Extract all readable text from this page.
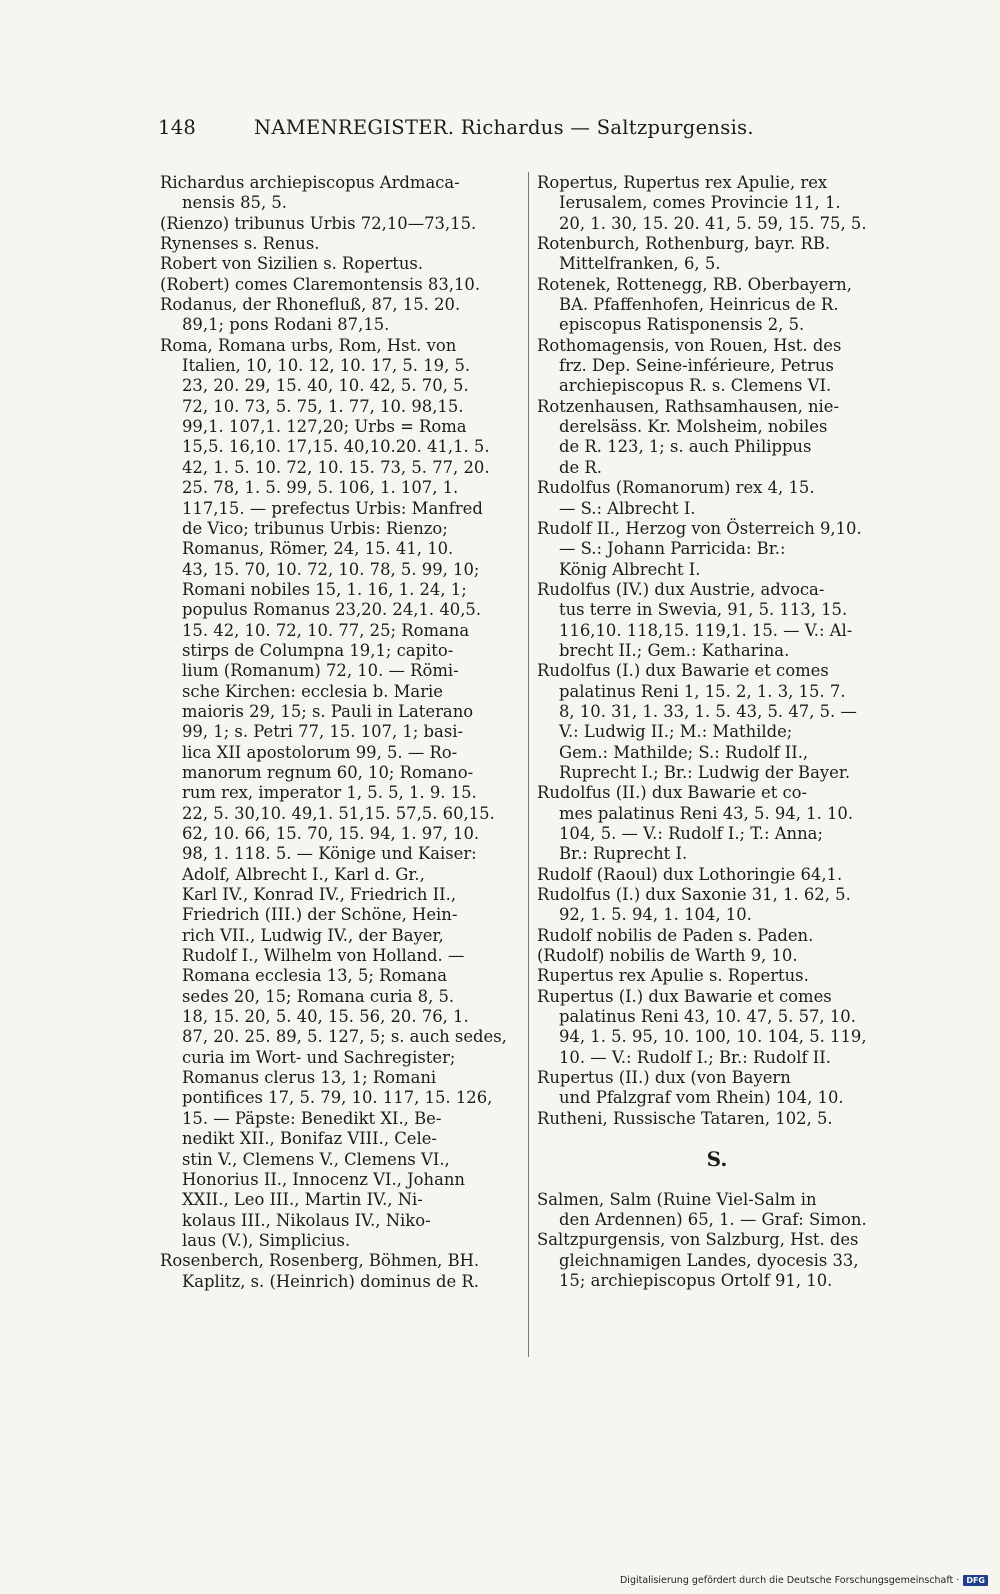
148	NAMENREGISTER. Richardus — Saltzpurgensis.
Richardus archiepiscopus Ardmaca-
nensis 85, 5.
(Rienzo) tribunus Urbis 72,10—73,15.
Rynenses s. Renus.
Robert von Sizilien s. Ropertus.
(Robert) comes Claremontensis 83,10.
Rodanus, der Rhonefluß, 87, 15. 20.
89,1; pons Rodani 87,15.
Roma, Romana urbs, Rom, Hst. von
Italien, 10, 10. 12, 10. 17, 5. 19, 5.
23, 20. 29, 15. 40, 10. 42, 5. 70, 5.
72, 10. 73, 5. 75, 1. 77, 10. 98,15.
99,1. 107,1. 127,20; Urbs = Roma
15,5. 16,10. 17,15. 40,10.20. 41,1. 5.
42, 1. 5. 10. 72, 10. 15. 73, 5. 77, 20.
25. 78, 1. 5. 99, 5. 106, 1. 107, 1.
117,15. — prefectus Urbis: Manfred
de Vico; tribunus Urbis: Rienzo;
Romanus, Römer, 24, 15. 41, 10.
43, 15. 70, 10. 72, 10. 78, 5. 99, 10;
Romani nobiles 15, 1. 16, 1. 24, 1;
populus Romanus 23,20. 24,1. 40,5.
15. 42, 10. 72, 10. 77, 25; Romana
stirps de Columpna 19,1; capito-
lium (Romanum) 72, 10. — Römi-
sche Kirchen: ecclesia b. Marie
maioris 29, 15; s. Pauli in Laterano
99, 1; s. Petri 77, 15. 107, 1; basi-
lica XII apostolorum 99, 5. — Ro-
manorum regnum 60, 10; Romano-
rum rex, imperator 1, 5. 5, 1. 9. 15.
22, 5. 30,10. 49,1. 51,15. 57,5. 60,15.
62, 10. 66, 15. 70, 15. 94, 1. 97, 10.
98, 1. 118. 5. — Könige und Kaiser:
Adolf, Albrecht I., Karl d. Gr.,
Karl IV., Konrad IV., Friedrich II.,
Friedrich (III.) der Schöne, Hein-
rich VII., Ludwig IV., der Bayer,
Rudolf I., Wilhelm von Holland. —
Romana ecclesia 13, 5; Romana
sedes 20, 15; Romana curia 8, 5.
18, 15. 20, 5. 40, 15. 56, 20. 76, 1.
87, 20. 25. 89, 5. 127, 5; s. auch sedes,
curia im Wort- und Sachregister;
Romanus clerus 13, 1; Romani
pontifices 17, 5. 79, 10. 117, 15. 126,
15. — Päpste: Benedikt XI., Be-
nedikt XII., Bonifaz VIII., Cele-
stin V., Clemens V., Clemens VI.,
Honorius II., Innocenz VI., Johann
XXII., Leo III., Martin IV., Ni-
kolaus III., Nikolaus IV., Niko-
laus (V.), Simplicius.
Rosenberch, Rosenberg, Böhmen, BH.
Kaplitz, s. (Heinrich) dominus de R.
Ropertus, Rupertus rex Apulie, rex
Ierusalem, comes Provincie 11, 1.
20, 1. 30, 15. 20. 41, 5. 59, 15. 75, 5.
Rotenburch, Rothenburg, bayr. RB.
Mittelfranken, 6, 5.
Rotenek, Rottenegg, RB. Oberbayern,
BA. Pfaffenhofen, Heinricus de R.
episcopus Ratisponensis 2, 5.
Rothomagensis, von Rouen, Hst. des
frz. Dep. Seine-inférieure, Petrus
archiepiscopus R. s. Clemens VI.
Rotzenhausen, Rathsamhausen, nie-
derelsäss. Kr. Molsheim, nobiles
de R. 123, 1; s. auch Philippus
de R.
Rudolfus (Romanorum) rex 4, 15.
— S.: Albrecht I.
Rudolf II., Herzog von Österreich 9,10.
— S.: Johann Parricida: Br.:
König Albrecht I.
Rudolfus (IV.) dux Austrie, advoca-
tus terre in Swevia, 91, 5. 113, 15.
116,10. 118,15. 119,1. 15. — V.: Al-
brecht II.; Gem.: Katharina.
Rudolfus (I.) dux Bawarie et comes
palatinus Reni 1, 15. 2, 1. 3, 15. 7.
8, 10. 31, 1. 33, 1. 5. 43, 5. 47, 5. —
V.: Ludwig II.; M.: Mathilde;
Gem.: Mathilde; S.: Rudolf II.,
Ruprecht I.; Br.: Ludwig der Bayer.
Rudolfus (II.) dux Bawarie et co-
mes palatinus Reni 43, 5. 94, 1. 10.
104, 5. — V.: Rudolf I.; T.: Anna;
Br.: Ruprecht I.
Rudolf (Raoul) dux Lothoringie 64,1.
Rudolfus (I.) dux Saxonie 31, 1. 62, 5.
92, 1. 5. 94, 1. 104, 10.
Rudolf nobilis de Paden s. Paden.
(Rudolf) nobilis de Warth 9, 10.
Rupertus rex Apulie s. Ropertus.
Rupertus (I.) dux Bawarie et comes
palatinus Reni 43, 10. 47, 5. 57, 10.
94, 1. 5. 95, 10. 100, 10. 104, 5. 119,
10. — V.: Rudolf I.; Br.: Rudolf II.
Rupertus (II.) dux (von Bayern
und Pfalzgraf vom Rhein) 104, 10.
Rutheni, Russische Tataren, 102, 5.
S.
Salmen, Salm (Ruine Viel-Salm in
den Ardennen) 65, 1. — Graf: Simon.
Saltzpurgensis, von Salzburg, Hst. des
gleichnamigen Landes, dyocesis 33,
15; archiepiscopus Ortolf 91, 10.
Digitalisierung gefördert durch die Deutsche Forschungsgemeinschaft · DFG
